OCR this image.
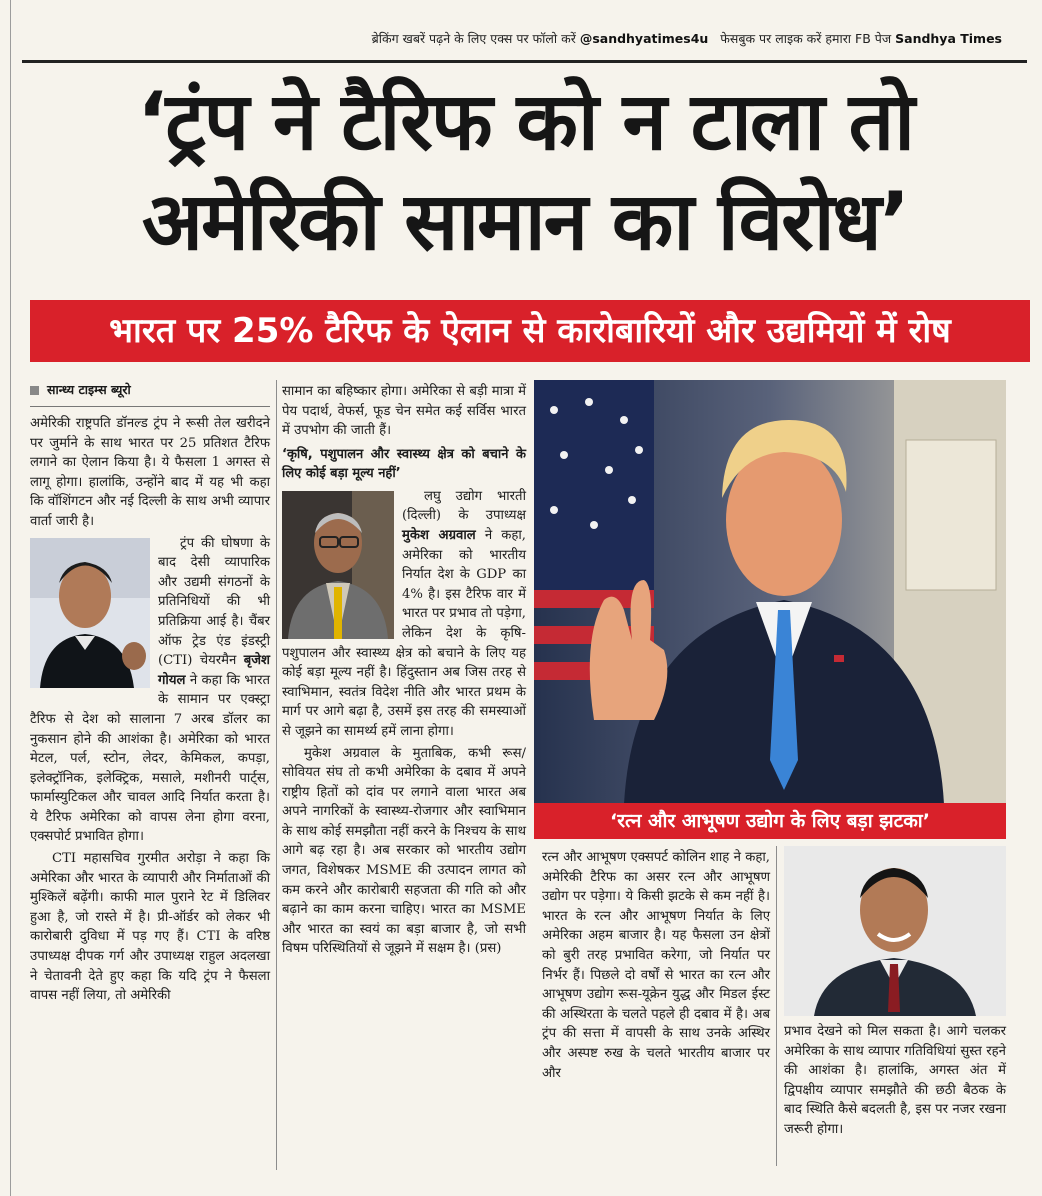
ब्रेकिंग खबरें पढ़ने के लिए एक्स पर फॉलो करें @sandhyatimes4u फेसबुक पर लाइक करें हमारा FB पेज Sandhya Times
‘ट्रंप ने टैरिफ को न टाला तो
अमेरिकी सामान का विरोध’
भारत पर 25% टैरिफ के ऐलान से कारोबारियों और उद्यमियों में रोष
सान्ध्य टाइम्स ब्यूरो

अमेरिकी राष्ट्रपति डॉनल्ड ट्रंप ने रूसी तेल खरीदने पर जुर्माने के साथ भारत पर 25 प्रतिशत टैरिफ लगाने का ऐलान किया है। ये फैसला 1 अगस्त से लागू होगा। हालांकि, उन्होंने बाद में यह भी कहा कि वॉशिंगटन और नई दिल्ली के साथ अभी व्यापार वार्ता जारी है।

ट्रंप की घोषणा के बाद देसी व्यापारिक और उद्यमी संगठनों के प्रतिनिधियों की भी प्रतिक्रिया आई है। चैंबर ऑफ ट्रेड एंड इंडस्ट्री (CTI) चेयरमैन बृजेश गोयल ने कहा कि भारत के सामान पर एक्स्ट्रा टैरिफ से देश को सालाना 7 अरब डॉलर का नुकसान होने की आशंका है। अमेरिका को भारत मेटल, पर्ल, स्टोन, लेदर, केमिकल, कपड़ा, इलेक्ट्रॉनिक, इलेक्ट्रिक, मसाले, मशीनरी पार्ट्स, फार्मास्युटिकल और चावल आदि निर्यात करता है। ये टैरिफ अमेरिका को वापस लेना होगा वरना, एक्सपोर्ट प्रभावित होगा।

CTI महासचिव गुरमीत अरोड़ा ने कहा कि अमेरिका और भारत के व्यापारी और निर्माताओं की मुश्किलें बढ़ेंगी। काफी माल पुराने रेट में डिलिवर हुआ है, जो रास्ते में है। प्री-ऑर्डर को लेकर भी कारोबारी दुविधा में पड़ गए हैं। CTI के वरिष्ठ उपाध्यक्ष दीपक गर्ग और उपाध्यक्ष राहुल अदलखा ने चेतावनी देते हुए कहा कि यदि ट्रंप ने फैसला वापस नहीं लिया, तो अमेरिकी

सामान का बहिष्कार होगा। अमेरिका से बड़ी मात्रा में पेय पदार्थ, वेफर्स, फूड चेन समेत कई सर्विस भारत में उपभोग की जाती हैं।

‘कृषि, पशुपालन और स्वास्थ्य क्षेत्र को बचाने के लिए कोई बड़ा मूल्य नहीं’

लघु उद्योग भारती (दिल्ली) के उपाध्यक्ष मुकेश अग्रवाल ने कहा, अमेरिका को भारतीय निर्यात देश के GDP का 4% है। इस टैरिफ वार में भारत पर प्रभाव तो पड़ेगा, लेकिन देश के कृषि-पशुपालन और स्वास्थ्य क्षेत्र को बचाने के लिए यह कोई बड़ा मूल्य नहीं है। हिंदुस्तान अब जिस तरह से स्वाभिमान, स्वतंत्र विदेश नीति और भारत प्रथम के मार्ग पर आगे बढ़ा है, उसमें इस तरह की समस्याओं से जूझने का सामर्थ्य हमें लाना होगा।

मुकेश अग्रवाल के मुताबिक, कभी रूस/सोवियत संघ तो कभी अमेरिका के दबाव में अपने राष्ट्रीय हितों को दांव पर लगाने वाला भारत अब अपने नागरिकों के स्वास्थ्य-रोजगार और स्वाभिमान के साथ कोई समझौता नहीं करने के निश्चय के साथ आगे बढ़ रहा है। अब सरकार को भारतीय उद्योग जगत, विशेषकर MSME की उत्पादन लागत को कम करने और कारोबारी सहजता की गति को और बढ़ाने का काम करना चाहिए। भारत का MSME और भारत का स्वयं का बड़ा बाजार है, जो सभी विषम परिस्थितियों से जूझने में सक्षम है। (प्रस)

‘रत्न और आभूषण उद्योग के लिए बड़ा झटका’

रत्न और आभूषण एक्सपर्ट कोलिन शाह ने कहा, अमेरिकी टैरिफ का असर रत्न और आभूषण उद्योग पर पड़ेगा। ये किसी झटके से कम नहीं है। भारत के रत्न और आभूषण निर्यात के लिए अमेरिका अहम बाजार है। यह फैसला उन क्षेत्रों को बुरी तरह प्रभावित करेगा, जो निर्यात पर निर्भर हैं। पिछले दो वर्षों से भारत का रत्न और आभूषण उद्योग रूस-यूक्रेन युद्ध और मिडल ईस्ट की अस्थिरता के चलते पहले ही दबाव में है। अब ट्रंप की सत्ता में वापसी के साथ उनके अस्थिर और अस्पष्ट रुख के चलते भारतीय बाजार पर और

प्रभाव देखने को मिल सकता है। आगे चलकर अमेरिका के साथ व्यापार गतिविधियां सुस्त रहने की आशंका है। हालांकि, अगस्त अंत में द्विपक्षीय व्यापार समझौते की छठी बैठक के बाद स्थिति कैसे बदलती है, इस पर नजर रखना जरूरी होगा।
